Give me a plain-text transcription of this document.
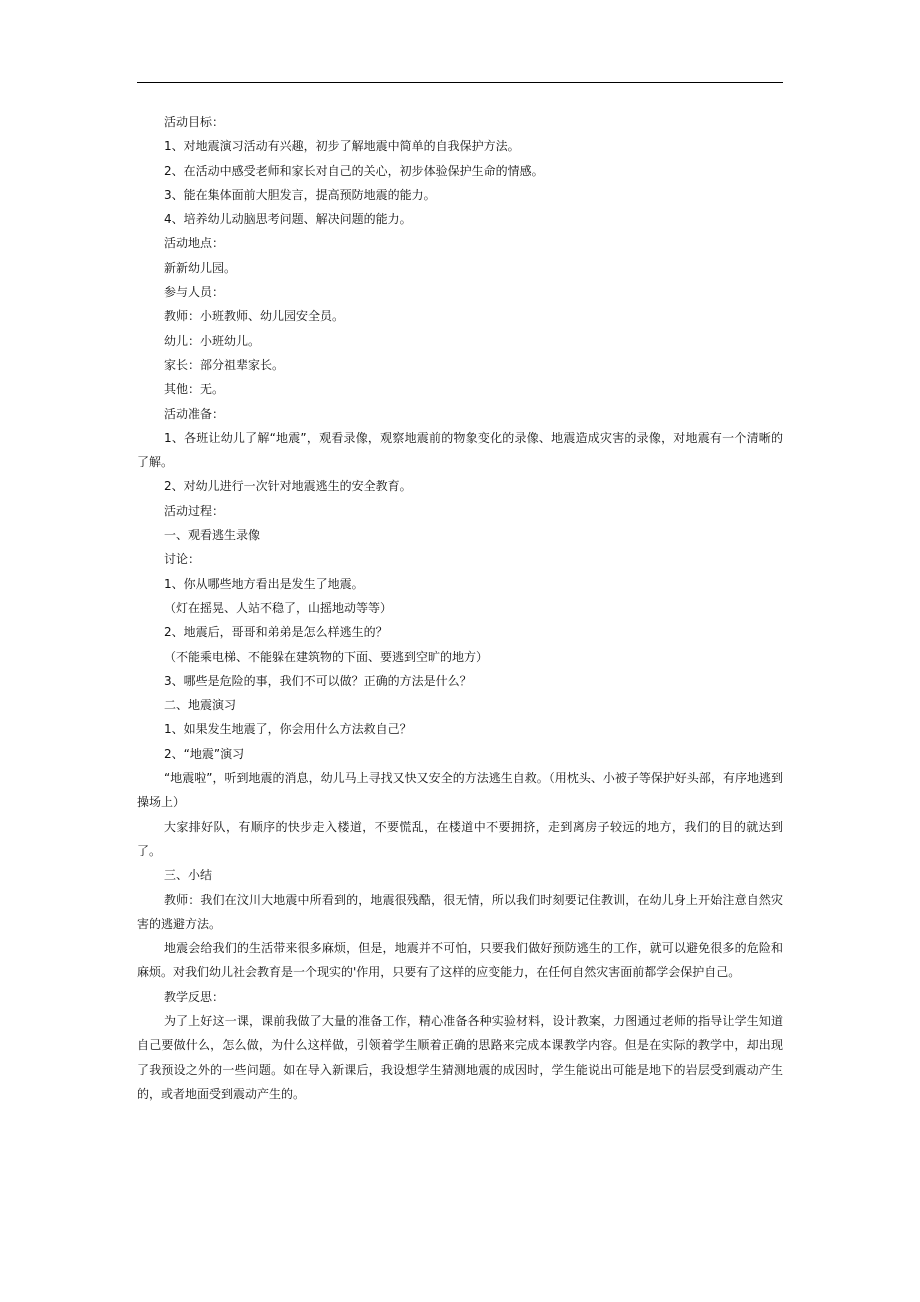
活动目标：

1、对地震演习活动有兴趣，初步了解地震中简单的自我保护方法。

2、在活动中感受老师和家长对自己的关心，初步体验保护生命的情感。

3、能在集体面前大胆发言，提高预防地震的能力。

4、培养幼儿动脑思考问题、解决问题的能力。

活动地点：

新新幼儿园。

参与人员：

教师：小班教师、幼儿园安全员。

幼儿：小班幼儿。

家长：部分祖辈家长。

其他：无。

活动准备：

1、各班让幼儿了解“地震”，观看录像，观察地震前的物象变化的录像、地震造成灾害的录像，对地震有一个清晰的了解。

2、对幼儿进行一次针对地震逃生的安全教育。

活动过程：

一、观看逃生录像

讨论：

1、你从哪些地方看出是发生了地震。

（灯在摇晃、人站不稳了，山摇地动等等）

2、地震后，哥哥和弟弟是怎么样逃生的？

（不能乘电梯、不能躲在建筑物的下面、要逃到空旷的地方）

3、哪些是危险的事，我们不可以做？正确的方法是什么？

二、地震演习

1、如果发生地震了，你会用什么方法救自己？

2、“地震”演习

“地震啦”，听到地震的消息，幼儿马上寻找又快又安全的方法逃生自救。（用枕头、小被子等保护好头部，有序地逃到操场上）

大家排好队，有顺序的快步走入楼道，不要慌乱，在楼道中不要拥挤，走到离房子较远的地方，我们的目的就达到了。

三、小结

教师：我们在汶川大地震中所看到的，地震很残酷，很无情，所以我们时刻要记住教训，在幼儿身上开始注意自然灾害的逃避方法。

地震会给我们的生活带来很多麻烦，但是，地震并不可怕，只要我们做好预防逃生的工作，就可以避免很多的危险和麻烦。对我们幼儿社会教育是一个现实的'作用，只要有了这样的应变能力，在任何自然灾害面前都学会保护自己。

教学反思：

为了上好这一课，课前我做了大量的准备工作，精心准备各种实验材料，设计教案，力图通过老师的指导让学生知道自己要做什么，怎么做，为什么这样做，引领着学生顺着正确的思路来完成本课教学内容。但是在实际的教学中，却出现了我预设之外的一些问题。如在导入新课后，我设想学生猜测地震的成因时，学生能说出可能是地下的岩层受到震动产生的，或者地面受到震动产生的。
